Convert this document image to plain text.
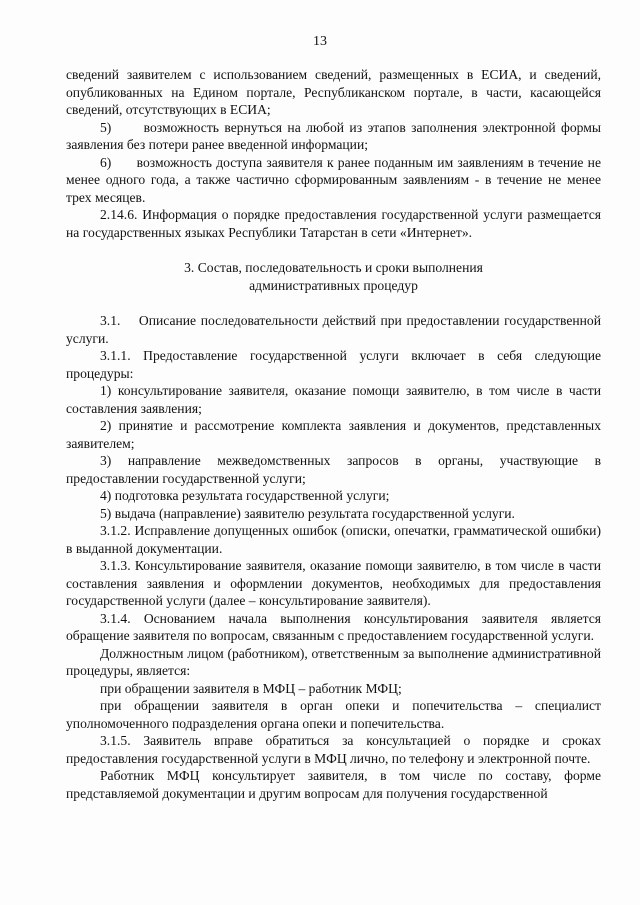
13

сведений заявителем с использованием сведений, размещенных в ЕСИА, и сведений, опубликованных на Едином портале, Республиканском портале, в части, касающейся сведений, отсутствующих в ЕСИА;

5)      возможность вернуться на любой из этапов заполнения электронной формы заявления без потери ранее введенной информации;

6)      возможность доступа заявителя к ранее поданным им заявлениям в течение не менее одного года, а также частично сформированным заявлениям - в течение не менее трех месяцев.

2.14.6. Информация о порядке предоставления государственной услуги размещается на государственных языках Республики Татарстан в сети «Интернет».

3. Состав, последовательность и сроки выполнения
административных процедур

3.1.    Описание последовательности действий при предоставлении государственной услуги.

3.1.1. Предоставление государственной услуги включает в себя следующие процедуры:

1) консультирование заявителя, оказание помощи заявителю, в том числе в части составления заявления;

2) принятие и рассмотрение комплекта заявления и документов, представленных заявителем;

3) направление межведомственных запросов в органы, участвующие в предоставлении государственной услуги;

4) подготовка результата государственной услуги;

5) выдача (направление) заявителю результата государственной услуги.

3.1.2. Исправление допущенных ошибок (описки, опечатки, грамматической ошибки) в выданной документации.

3.1.3. Консультирование заявителя, оказание помощи заявителю, в том числе в части составления заявления и оформлении документов, необходимых для предоставления государственной услуги (далее – консультирование заявителя).

3.1.4. Основанием начала выполнения консультирования заявителя является обращение заявителя по вопросам, связанным с предоставлением государственной услуги.

Должностным лицом (работником), ответственным за выполнение административной процедуры, является:

при обращении заявителя в МФЦ – работник МФЦ;

при обращении заявителя в орган опеки и попечительства – специалист уполномоченного подразделения органа опеки и попечительства.

3.1.5. Заявитель вправе обратиться за консультацией о порядке и сроках предоставления государственной услуги в МФЦ лично, по телефону и электронной почте.

Работник МФЦ консультирует заявителя, в том числе по составу, форме представляемой документации и другим вопросам для получения государственной
